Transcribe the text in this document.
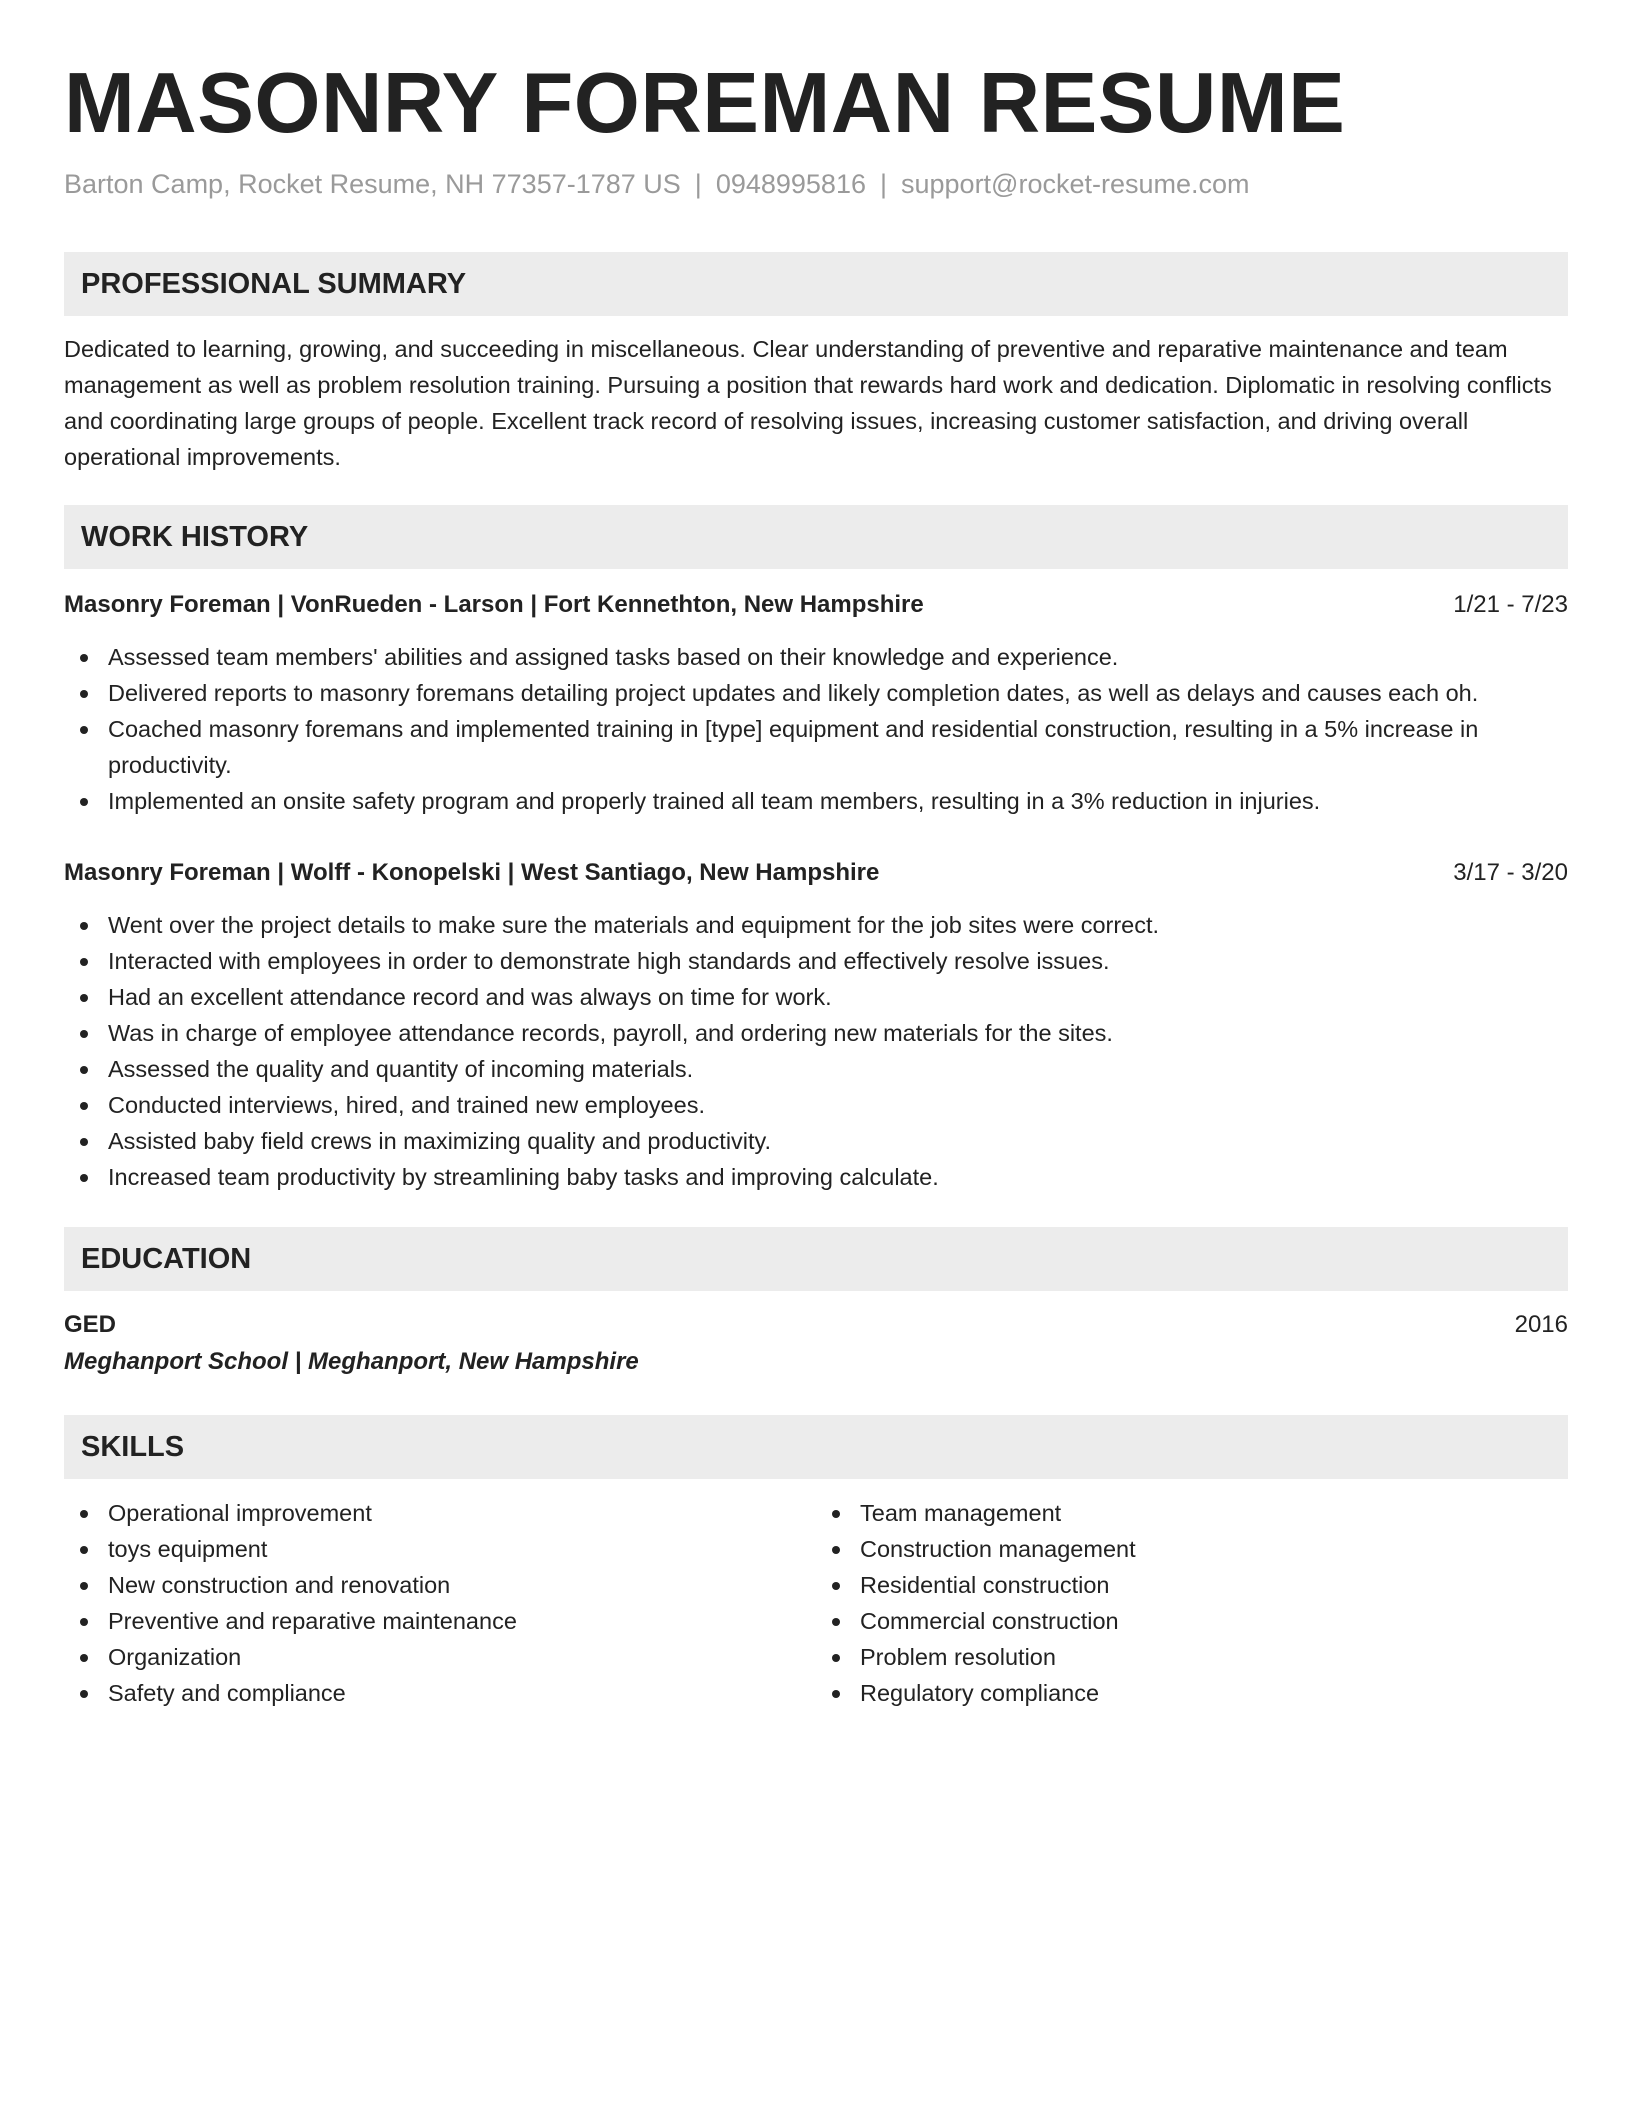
MASONRY FOREMAN RESUME
Barton Camp, Rocket Resume, NH 77357-1787 US | 0948995816 | support@rocket-resume.com
PROFESSIONAL SUMMARY

Dedicated to learning, growing, and succeeding in miscellaneous. Clear understanding of preventive and reparative maintenance and team management as well as problem resolution training. Pursuing a position that rewards hard work and dedication. Diplomatic in resolving conflicts and coordinating large groups of people. Excellent track record of resolving issues, increasing customer satisfaction, and driving overall operational improvements.

WORK HISTORY
Masonry Foreman | VonRueden - Larson | Fort Kennethton, New Hampshire	1/21 - 7/23
Assessed team members' abilities and assigned tasks based on their knowledge and experience.
Delivered reports to masonry foremans detailing project updates and likely completion dates, as well as delays and causes each oh.
Coached masonry foremans and implemented training in [type] equipment and residential construction, resulting in a 5% increase in productivity.
Implemented an onsite safety program and properly trained all team members, resulting in a 3% reduction in injuries.
Masonry Foreman | Wolff - Konopelski | West Santiago, New Hampshire	3/17 - 3/20
Went over the project details to make sure the materials and equipment for the job sites were correct.
Interacted with employees in order to demonstrate high standards and effectively resolve issues.
Had an excellent attendance record and was always on time for work.
Was in charge of employee attendance records, payroll, and ordering new materials for the sites.
Assessed the quality and quantity of incoming materials.
Conducted interviews, hired, and trained new employees.
Assisted baby field crews in maximizing quality and productivity.
Increased team productivity by streamlining baby tasks and improving calculate.
EDUCATION
GED	2016
Meghanport School | Meghanport, New Hampshire
SKILLS
Operational improvement
toys equipment
New construction and renovation
Preventive and reparative maintenance
Organization
Safety and compliance
Team management
Construction management
Residential construction
Commercial construction
Problem resolution
Regulatory compliance
